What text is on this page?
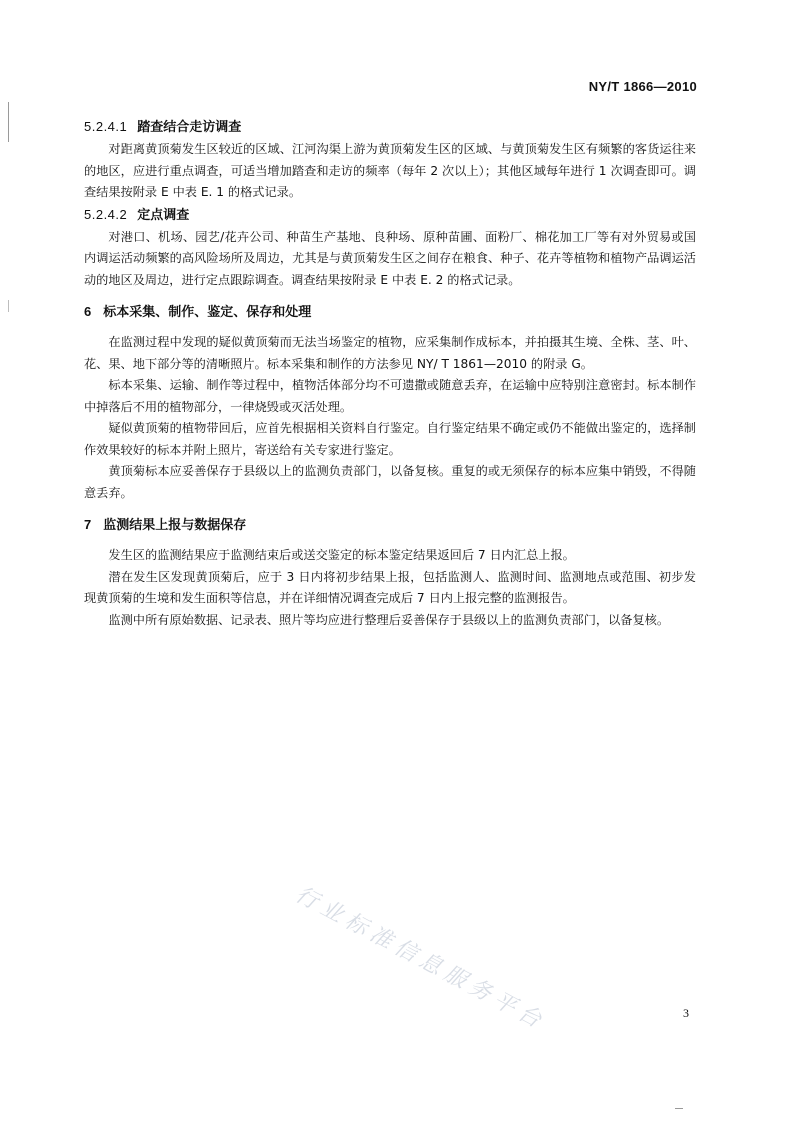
NY/T 1866—2010
5.2.4.1 踏查结合走访调查

对距离黄顶菊发生区较近的区域、江河沟渠上游为黄顶菊发生区的区域、与黄顶菊发生区有频繁的客货运往来的地区，应进行重点调查，可适当增加踏查和走访的频率（每年 2 次以上）；其他区域每年进行 1 次调查即可。调查结果按附录 E 中表 E. 1 的格式记录。

5.2.4.2 定点调查

对港口、机场、园艺/花卉公司、种苗生产基地、良种场、原种苗圃、面粉厂、棉花加工厂等有对外贸易或国内调运活动频繁的高风险场所及周边，尤其是与黄顶菊发生区之间存在粮食、种子、花卉等植物和植物产品调运活动的地区及周边，进行定点跟踪调查。调查结果按附录 E 中表 E. 2 的格式记录。

6 标本采集、制作、鉴定、保存和处理

在监测过程中发现的疑似黄顶菊而无法当场鉴定的植物，应采集制作成标本，并拍摄其生境、全株、茎、叶、花、果、地下部分等的清晰照片。标本采集和制作的方法参见 NY/ T 1861—2010 的附录 G。

标本采集、运输、制作等过程中，植物活体部分均不可遗撒或随意丢弃，在运输中应特别注意密封。标本制作中掉落后不用的植物部分，一律烧毁或灭活处理。

疑似黄顶菊的植物带回后，应首先根据相关资料自行鉴定。自行鉴定结果不确定或仍不能做出鉴定的，选择制作效果较好的标本并附上照片，寄送给有关专家进行鉴定。

黄顶菊标本应妥善保存于县级以上的监测负责部门，以备复核。重复的或无须保存的标本应集中销毁，不得随意丢弃。

7 监测结果上报与数据保存

发生区的监测结果应于监测结束后或送交鉴定的标本鉴定结果返回后 7 日内汇总上报。

潜在发生区发现黄顶菊后，应于 3 日内将初步结果上报，包括监测人、监测时间、监测地点或范围、初步发现黄顶菊的生境和发生面积等信息，并在详细情况调查完成后 7 日内上报完整的监测报告。

监测中所有原始数据、记录表、照片等均应进行整理后妥善保存于县级以上的监测负责部门，以备复核。

行业标准信息服务平台	3
